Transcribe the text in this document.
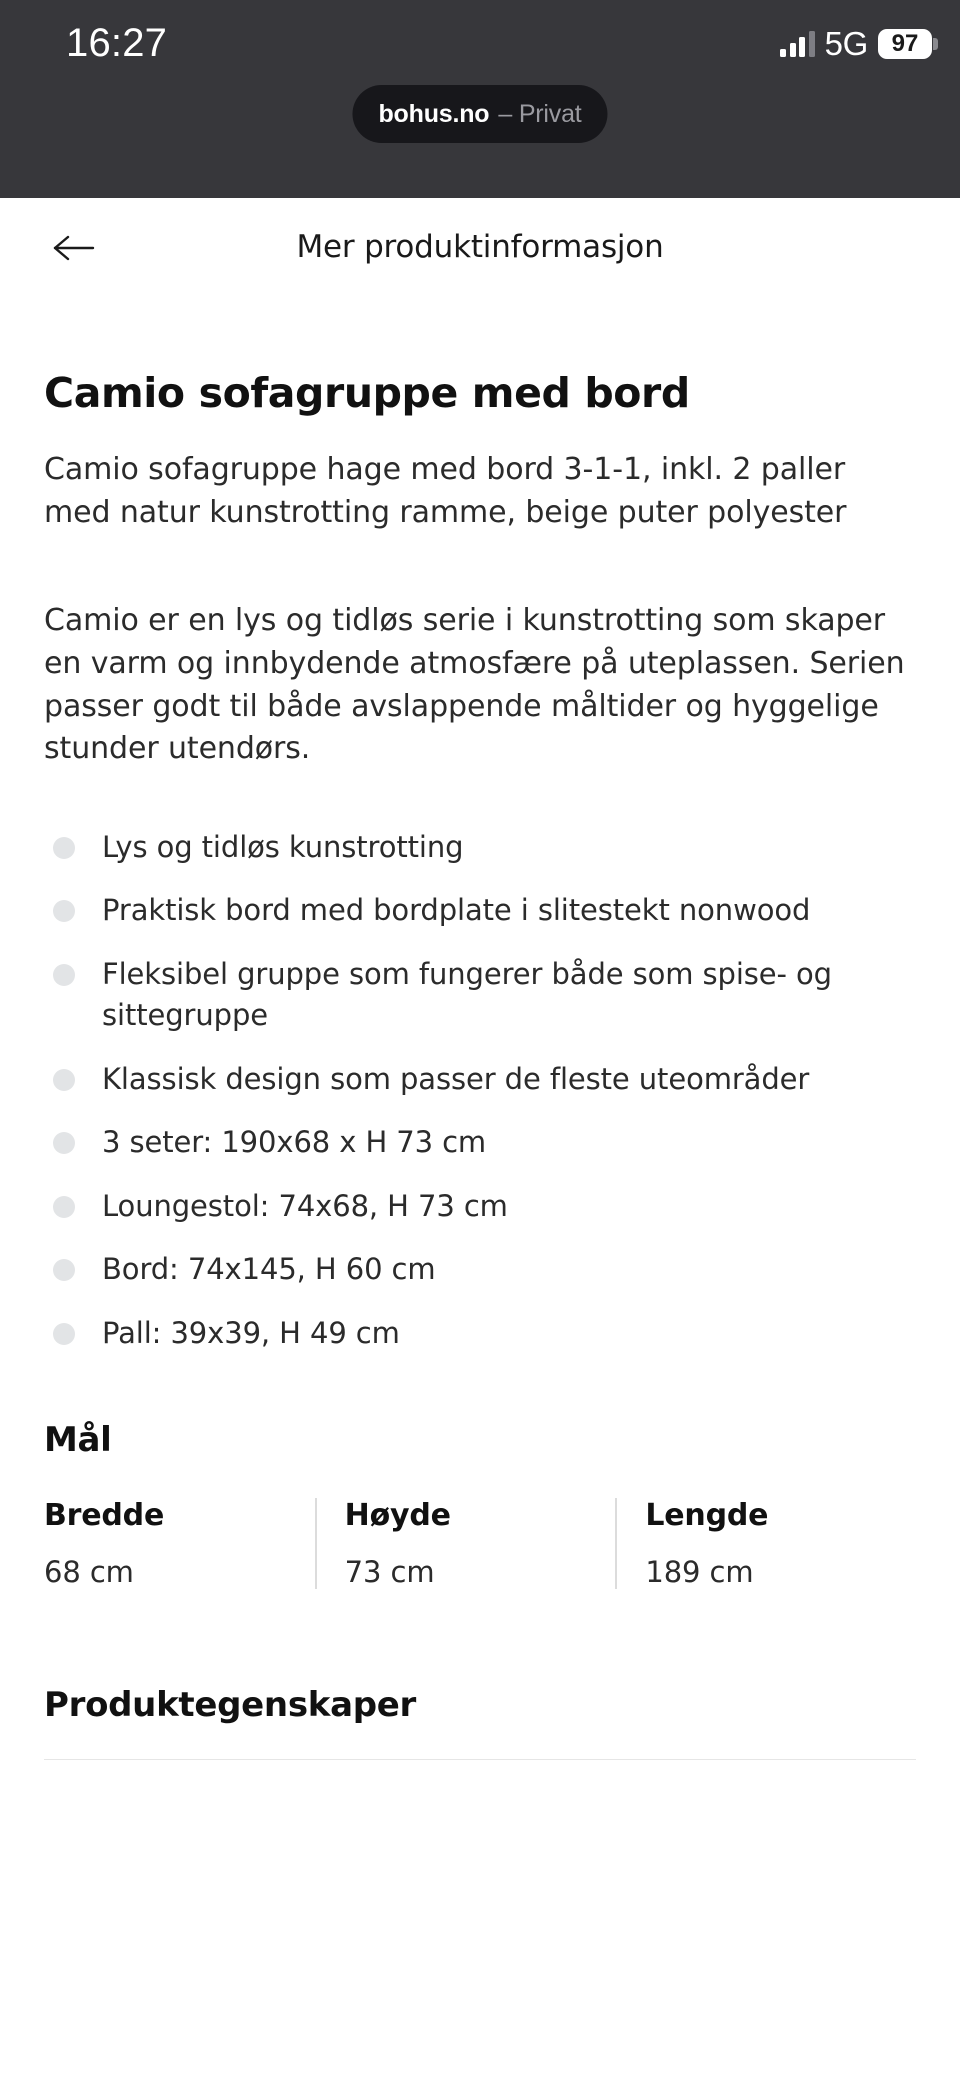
16:27	5G 97
bohus.no – Privat
Mer produktinformasjon
Camio sofagruppe med bord

Camio sofagruppe hage med bord 3-1-1, inkl. 2 paller med natur kunstrotting ramme, beige puter polyester

Camio er en lys og tidløs serie i kunstrotting som skaper en varm og innbydende atmosfære på uteplassen. Serien passer godt til både avslappende måltider og hyggelige stunder utendørs.

Lys og tidløs kunstrotting
Praktisk bord med bordplate i slitestekt nonwood
Fleksibel gruppe som fungerer både som spise- og sittegruppe
Klassisk design som passer de fleste uteområder
3 seter: 190x68 x H 73 cm
Loungestol: 74x68, H 73 cm
Bord: 74x145, H 60 cm
Pall: 39x39, H 49 cm
Mål
Bredde
68 cm
Høyde
73 cm
Lengde
189 cm
Produktegenskaper
